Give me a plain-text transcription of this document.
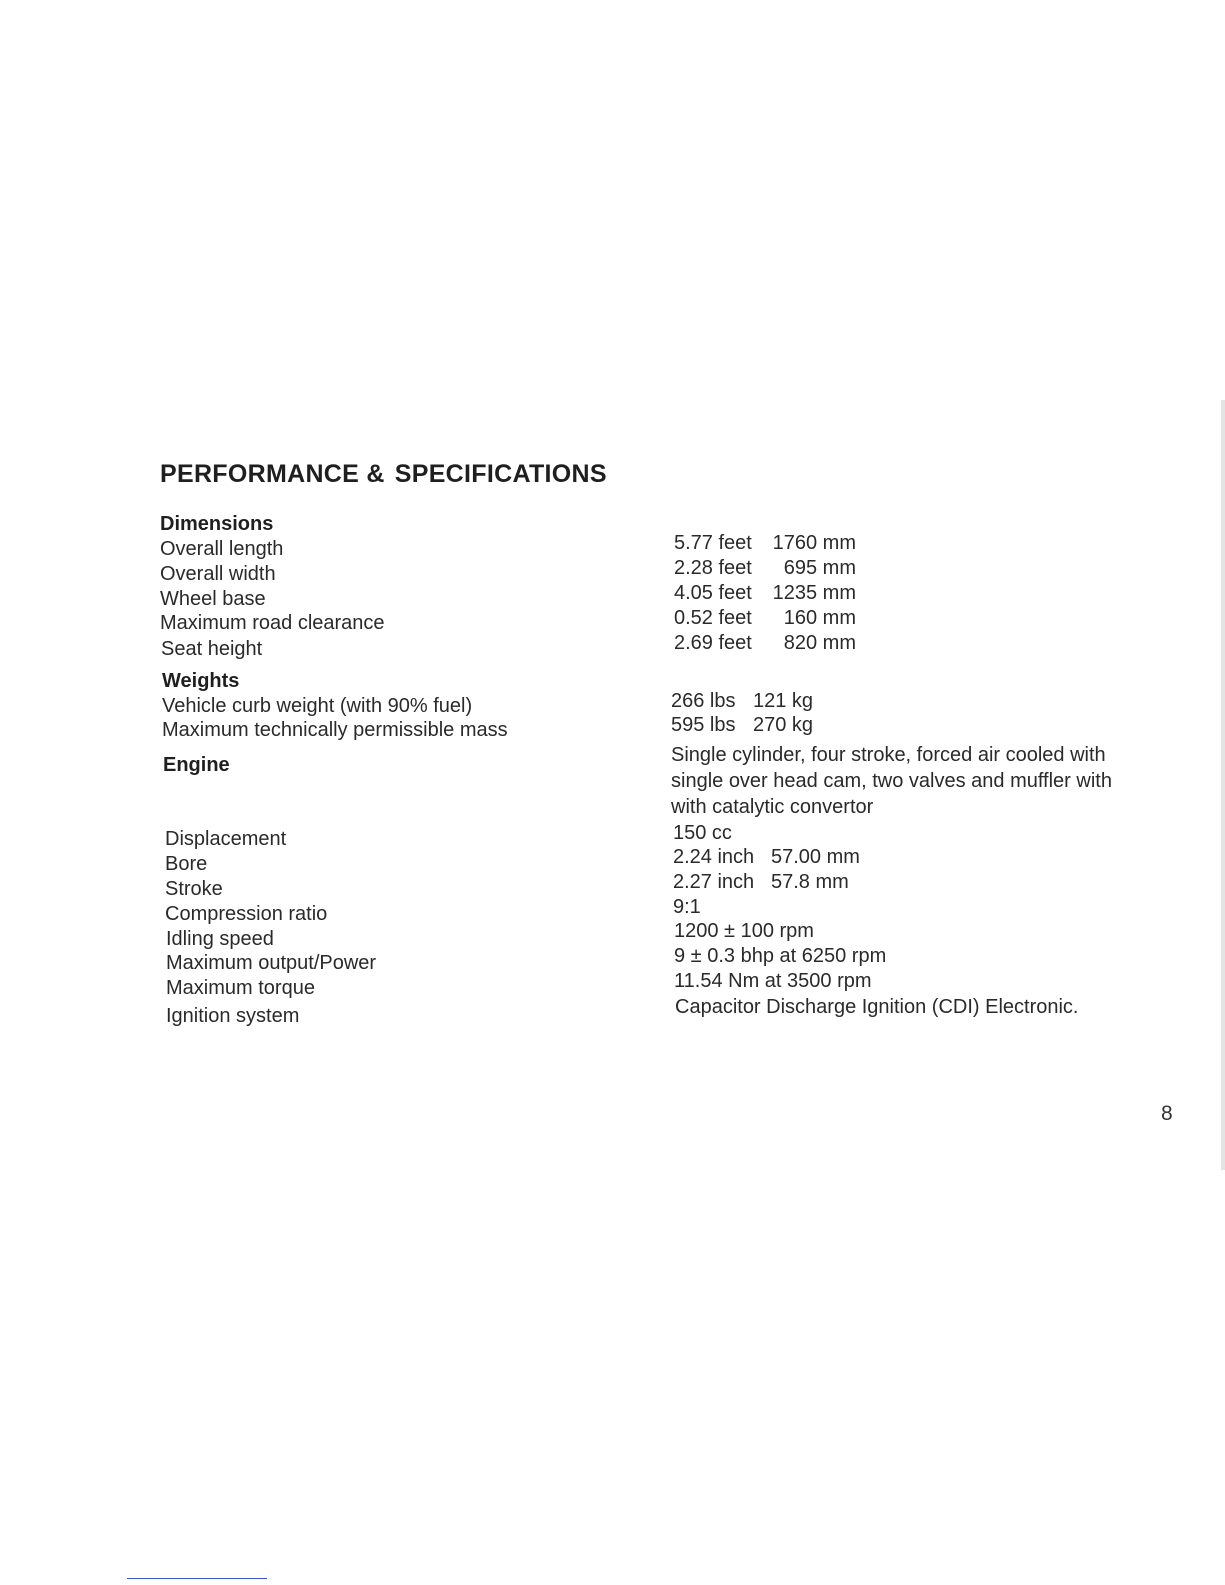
PERFORMANCE & SPECIFICATIONS
Dimensions
Overall length
Overall width
Wheel base
Maximum road clearance
Seat height
5.77 feet 1760 mm
2.28 feet 695 mm
4.05 feet 1235 mm
0.52 feet 160 mm
2.69 feet 820 mm
Weights
Vehicle curb weight (with 90% fuel)
Maximum technically permissible mass
266 lbs 121 kg
595 lbs 270 kg
Engine	Single cylinder, four stroke, forced air cooled with single over head cam, two valves and muffler with with catalytic convertor
Displacement
Bore
Stroke
Compression ratio
Idling speed
Maximum output/Power
Maximum torque
Ignition system
150 cc
2.24 inch 57.00 mm
2.27 inch 57.8 mm
9:1
1200 ± 100 rpm
9 ± 0.3 bhp at 6250 rpm
11.54 Nm at 3500 rpm
Capacitor Discharge Ignition (CDI) Electronic.
8
